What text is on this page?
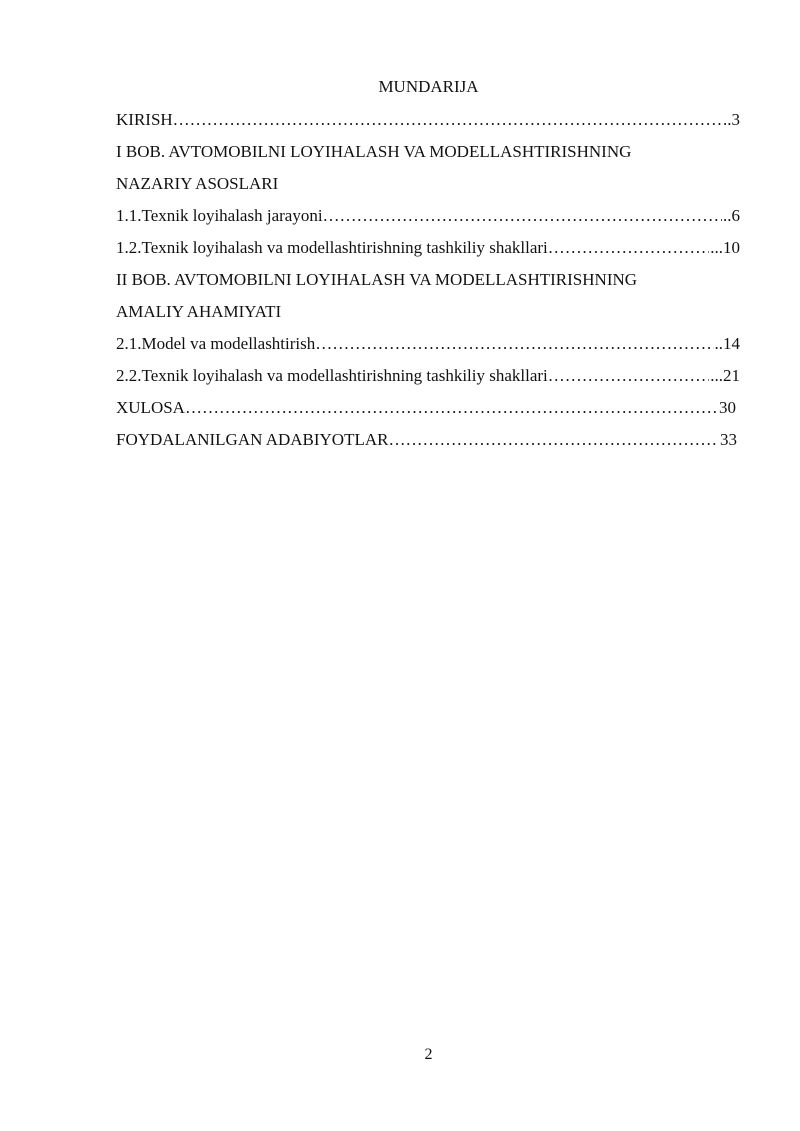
MUNDARIJA
KIRISH ……………………………………………………………………………………………………………………………………………………………………………	.3
I BOB. AVTOMOBILNI LOYIHALASH VA MODELLASHTIRISHNING
NAZARIY ASOSLARI
1.1.Texnik loyihalash jarayoni ……………………………………………………………………………………………………………………………………………………………………………	..6
1.2.Texnik loyihalash va modellashtirishning tashkiliy shakllari ……………………………………………………………………………………………………………………………………………………………………………	...10
II BOB. AVTOMOBILNI LOYIHALASH VA MODELLASHTIRISHNING
AMALIY AHAMIYATI
2.1.Model va modellashtirish ……………………………………………………………………………………………………………………………………………………………………………	..14
2.2.Texnik loyihalash va modellashtirishning tashkiliy shakllari ……………………………………………………………………………………………………………………………………………………………………………	...21
XULOSA ……………………………………………………………………………………………………………………………………………………………………………	30
FOYDALANILGAN ADABIYOTLAR ……………………………………………………………………………………………………………………………………………………………………………	33
2
